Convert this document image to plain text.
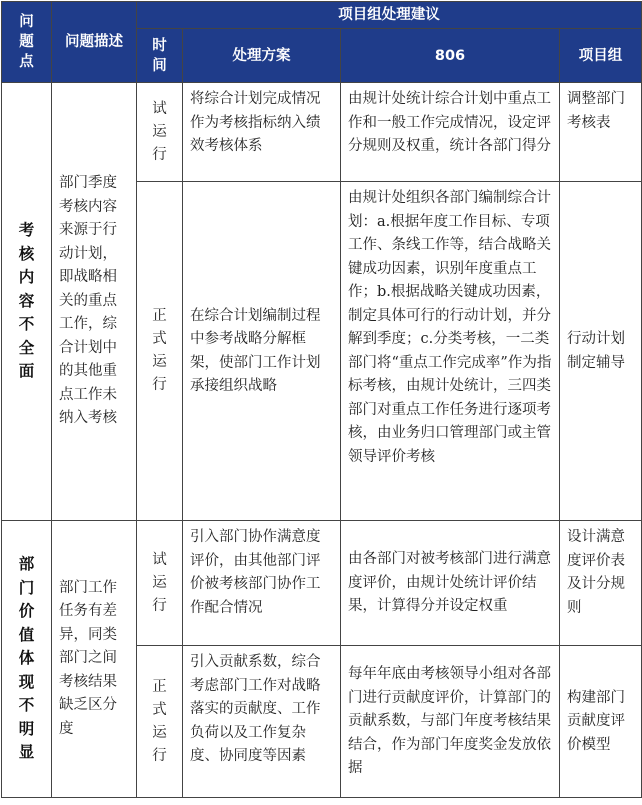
问题点	问题描述	项目组处理建议			

		时间	处理方案	806	项目组

考核内容不全面	部门季度考核内容来源于行动计划，即战略相关的重点工作，综合计划中的其他重点工作未纳入考核	试运行	将综合计划完成情况作为考核指标纳入绩效考核体系	由规计处统计综合计划中重点工作和一般工作完成情况，设定评分规则及权重，统计各部门得分	调整部门考核表

		正式运行	在综合计划编制过程中参考战略分解框架，使部门工作计划承接组织战略	由规计处组织各部门编制综合计划：a.根据年度工作目标、专项工作、条线工作等，结合战略关键成功因素，识别年度重点工作；b.根据战略关键成功因素，制定具体可行的行动计划，并分解到季度；c.分类考核，一二类部门将“重点工作完成率”作为指标考核，由规计处统计，三四类部门对重点工作任务进行逐项考核，由业务归口管理部门或主管领导评价考核	行动计划制定辅导

部门价值体现不明显	部门工作任务有差异，同类部门之间考核结果缺乏区分度	试运行	引入部门协作满意度评价，由其他部门评价被考核部门协作工作配合情况	由各部门对被考核部门进行满意度评价，由规计处统计评价结果，计算得分并设定权重	设计满意度评价表及计分规则

		正式运行	引入贡献系数，综合考虑部门工作对战略落实的贡献度、工作负荷以及工作复杂度、协同度等因素	每年年底由考核领导小组对各部门进行贡献度评价，计算部门的贡献系数，与部门年度考核结果结合，作为部门年度奖金发放依据	构建部门贡献度评价模型
